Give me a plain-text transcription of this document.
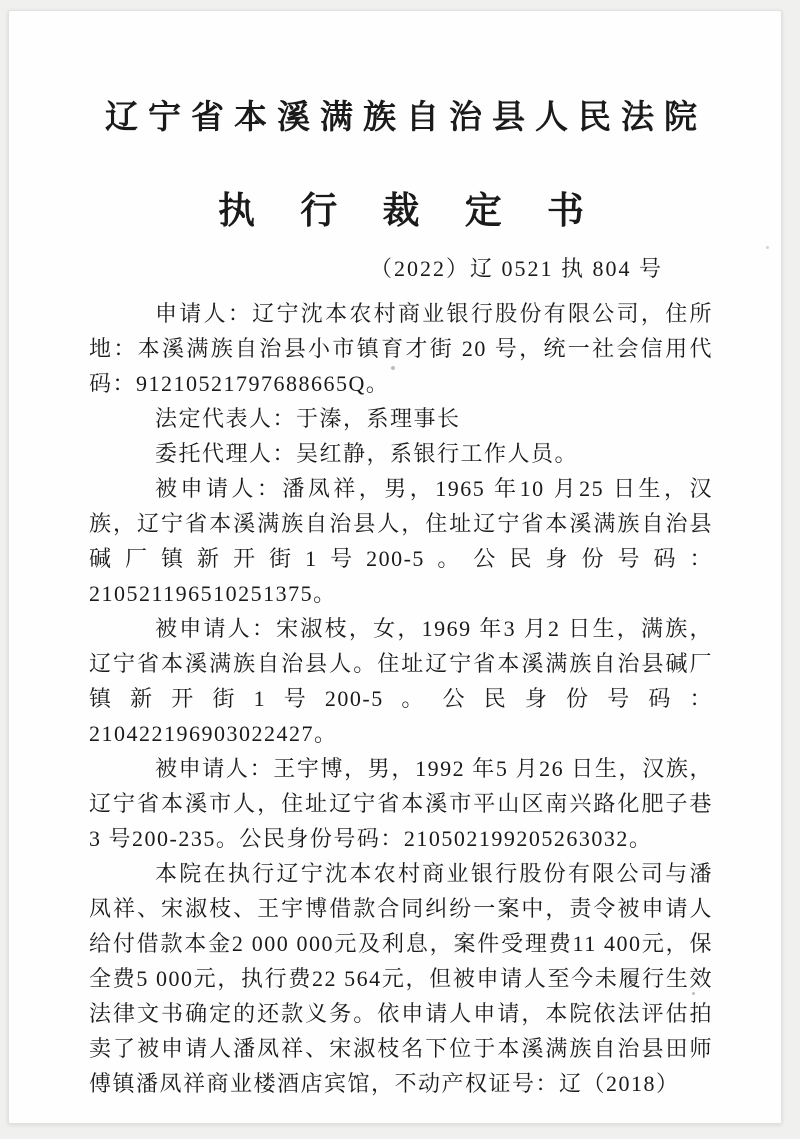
辽宁省本溪满族自治县人民法院
执 行 裁 定 书
（2022）辽 0521 执 804 号

申请人：辽宁沈本农村商业银行股份有限公司，住所地：本溪满族自治县小市镇育才街 20 号，统一社会信用代码：91210521797688665Q。

法定代表人：于溱，系理事长

委托代理人：吴红静，系银行工作人员。

被申请人：潘凤祥，男，1965 年10 月25 日生，汉族，辽宁省本溪满族自治县人，住址辽宁省本溪满族自治县碱厂镇新开街1号200-5。公民身份号码：210521196510251375。

被申请人：宋淑枝，女，1969 年3 月2 日生，满族，辽宁省本溪满族自治县人。住址辽宁省本溪满族自治县碱厂镇新开街1号200-5。公民身份号码：210422196903022427。

被申请人：王宇博，男，1992 年5 月26 日生，汉族，辽宁省本溪市人，住址辽宁省本溪市平山区南兴路化肥子巷 3 号200-235。公民身份号码：210502199205263032。

本院在执行辽宁沈本农村商业银行股份有限公司与潘凤祥、宋淑枝、王宇博借款合同纠纷一案中，责令被申请人给付借款本金2 000 000元及利息，案件受理费11 400元，保全费5 000元，执行费22 564元，但被申请人至今未履行生效法律文书确定的还款义务。依申请人申请，本院依法评估拍卖了被申请人潘凤祥、宋淑枝名下位于本溪满族自治县田师傅镇潘凤祥商业楼酒店宾馆，不动产权证号：辽（2018）
